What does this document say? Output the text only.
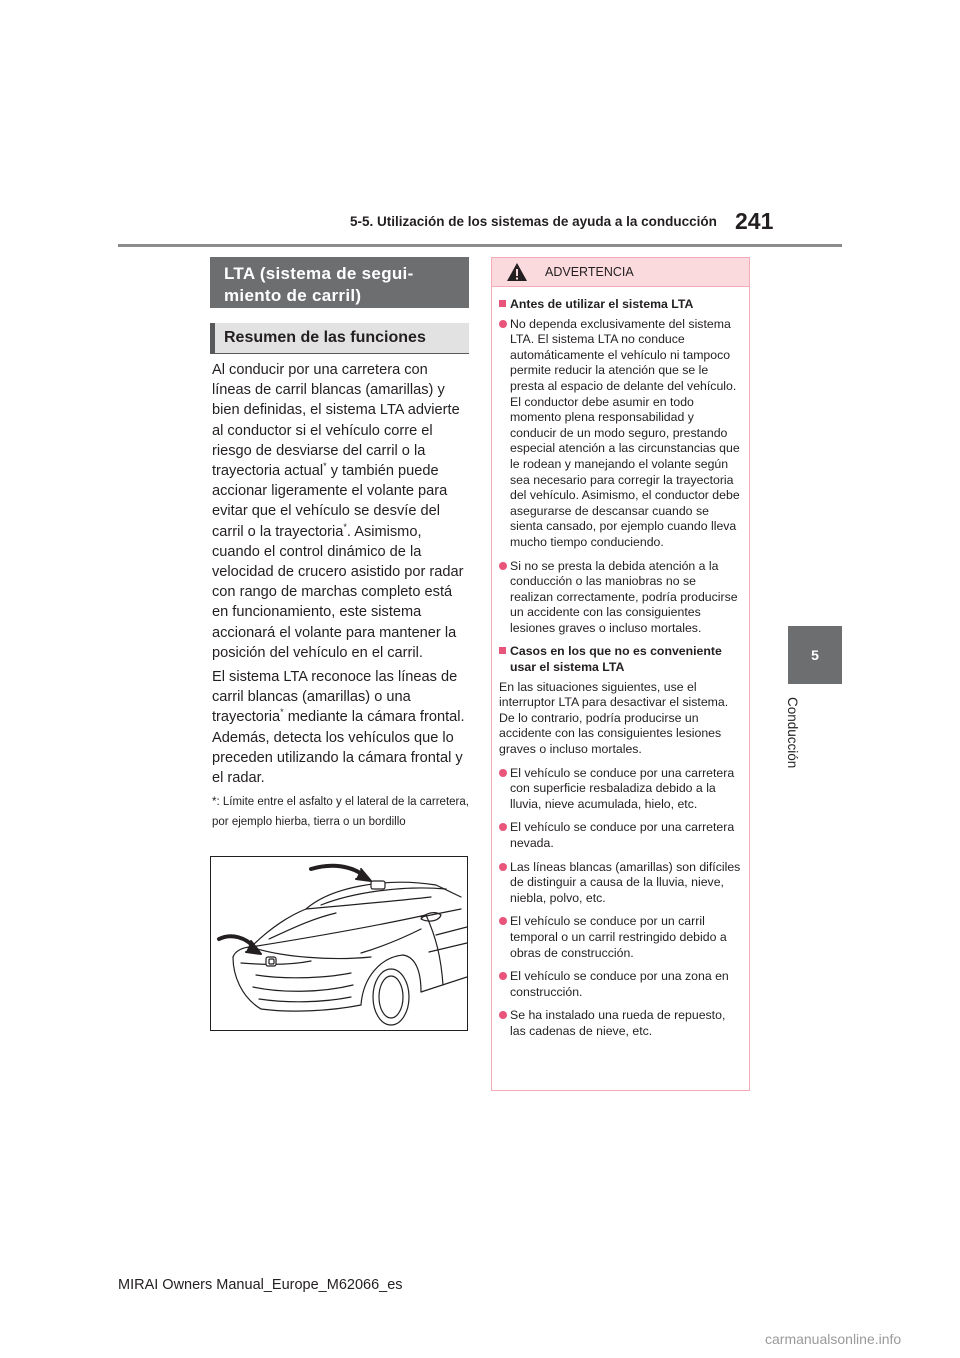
5-5. Utilización de los sistemas de ayuda a la conducción 241
5
Conducción
LTA (sistema de segui-
miento de carril)
Resumen de las funciones

Al conducir por una carretera con líneas de carril blancas (amarillas) y bien definidas, el sistema LTA advierte al conductor si el vehículo corre el riesgo de desviarse del carril o la trayectoria actual* y también puede accionar ligeramente el volante para evitar que el vehículo se desvíe del carril o la trayectoria*. Asimismo, cuando el control dinámico de la velocidad de crucero asistido por radar con rango de marchas completo está en funcionamiento, este sistema accionará el volante para mantener la posición del vehículo en el carril.

El sistema LTA reconoce las líneas de carril blancas (amarillas) o una trayectoria* mediante la cámara frontal. Además, detecta los vehículos que lo preceden utilizando la cámara frontal y el radar.

*: Límite entre el asfalto y el lateral de la carretera, por ejemplo hierba, tierra o un bordillo

ADVERTENCIA
Antes de utilizar el sistema LTA
No dependa exclusivamente del sistema LTA. El sistema LTA no conduce automáticamente el vehículo ni tampoco permite reducir la atención que se le presta al espacio de delante del vehículo. El conductor debe asumir en todo momento plena responsabilidad y conducir de un modo seguro, prestando especial atención a las circunstancias que le rodean y manejando el volante según sea necesario para corregir la trayectoria del vehículo. Asimismo, el conductor debe asegurarse de descansar cuando se sienta cansado, por ejemplo cuando lleva mucho tiempo conduciendo.
Si no se presta la debida atención a la conducción o las maniobras no se realizan correctamente, podría producirse un accidente con las consiguientes lesiones graves o incluso mortales.
Casos en los que no es conveniente usar el sistema LTA
En las situaciones siguientes, use el interruptor LTA para desactivar el sistema. De lo contrario, podría producirse un accidente con las consiguientes lesiones graves o incluso mortales.
El vehículo se conduce por una carretera con superficie resbaladiza debido a la lluvia, nieve acumulada, hielo, etc.
El vehículo se conduce por una carretera nevada.
Las líneas blancas (amarillas) son difíciles de distinguir a causa de la lluvia, nieve, niebla, polvo, etc.
El vehículo se conduce por un carril temporal o un carril restringido debido a obras de construcción.
El vehículo se conduce por una zona en construcción.
Se ha instalado una rueda de repuesto, las cadenas de nieve, etc.
MIRAI Owners Manual_Europe_M62066_es
carmanualsonline.info
